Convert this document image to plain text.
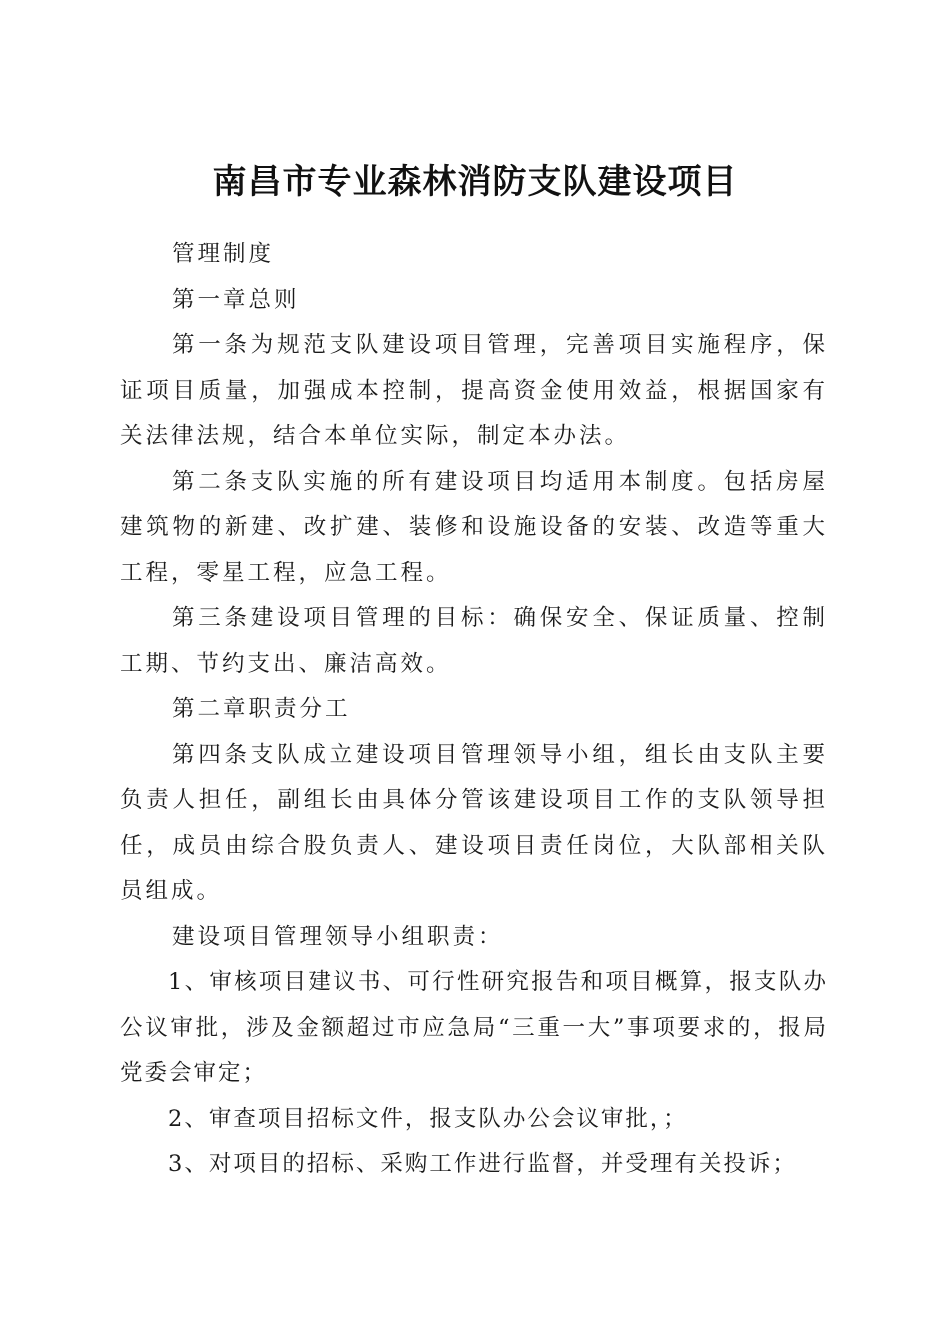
南昌市专业森林消防支队建设项目

管理制度

第一章总则

第一条为规范支队建设项目管理，完善项目实施程序，保证项目质量，加强成本控制，提高资金使用效益，根据国家有关法律法规，结合本单位实际，制定本办法。

第二条支队实施的所有建设项目均适用本制度。包括房屋建筑物的新建、改扩建、装修和设施设备的安装、改造等重大工程，零星工程，应急工程。

第三条建设项目管理的目标：确保安全、保证质量、控制工期、节约支出、廉洁高效。

第二章职责分工

第四条支队成立建设项目管理领导小组，组长由支队主要负责人担任，副组长由具体分管该建设项目工作的支队领导担任，成员由综合股负责人、建设项目责任岗位，大队部相关队员组成。

建设项目管理领导小组职责：

1、审核项目建议书、可行性研究报告和项目概算，报支队办公议审批，涉及金额超过市应急局“三重一大”事项要求的，报局党委会审定；

2、审查项目招标文件，报支队办公会议审批，；

3、对项目的招标、采购工作进行监督，并受理有关投诉；
